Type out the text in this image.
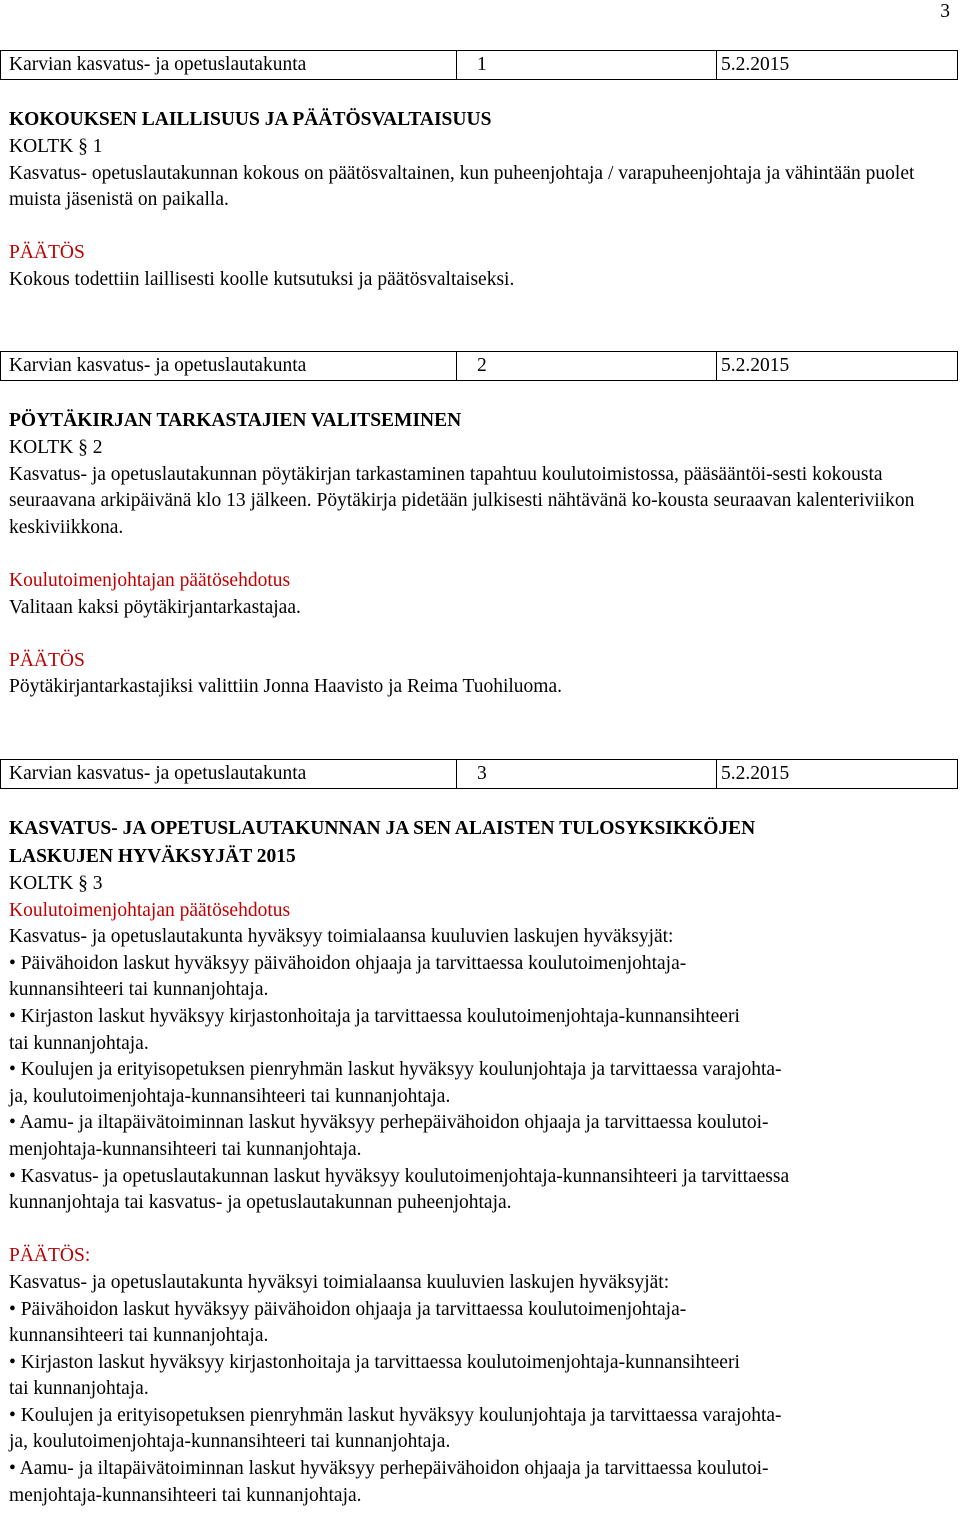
3
Karvian kasvatus- ja opetuslautakunta	1	5.2.2015

KOKOUKSEN LAILLISUUS JA PÄÄTÖSVALTAISUUS

KOLTK § 1

Kasvatus- opetuslautakunnan kokous on päätösvaltainen, kun puheenjohtaja / varapuheenjohtaja ja vähintään puolet muista jäsenistä on paikalla.

PÄÄTÖS

Kokous todettiin laillisesti koolle kutsutuksi ja päätösvaltaiseksi.

Karvian kasvatus- ja opetuslautakunta	2	5.2.2015

PÖYTÄKIRJAN TARKASTAJIEN VALITSEMINEN

KOLTK § 2

Kasvatus- ja opetuslautakunnan pöytäkirjan tarkastaminen tapahtuu koulutoimistossa, pääsääntöi-sesti kokousta seuraavana arkipäivänä klo 13 jälkeen. Pöytäkirja pidetään julkisesti nähtävänä ko-kousta seuraavan kalenteriviikon keskiviikkona.

Koulutoimenjohtajan päätösehdotus

Valitaan kaksi pöytäkirjantarkastajaa.

PÄÄTÖS

Pöytäkirjantarkastajiksi valittiin Jonna Haavisto ja Reima Tuohiluoma.

Karvian kasvatus- ja opetuslautakunta	3	5.2.2015

KASVATUS- JA OPETUSLAUTAKUNNAN JA SEN ALAISTEN TULOSYKSIKKÖJEN

LASKUJEN HYVÄKSYJÄT 2015

KOLTK § 3

Koulutoimenjohtajan päätösehdotus

Kasvatus- ja opetuslautakunta hyväksyy toimialaansa kuuluvien laskujen hyväksyjät:

• Päivähoidon laskut hyväksyy päivähoidon ohjaaja ja tarvittaessa koulutoimenjohtaja-

kunnansihteeri tai kunnanjohtaja.

• Kirjaston laskut hyväksyy kirjastonhoitaja ja tarvittaessa koulutoimenjohtaja-kunnansihteeri

tai kunnanjohtaja.

• Koulujen ja erityisopetuksen pienryhmän laskut hyväksyy koulunjohtaja ja tarvittaessa varajohta-

ja, koulutoimenjohtaja-kunnansihteeri tai kunnanjohtaja.

• Aamu- ja iltapäivätoiminnan laskut hyväksyy perhepäivähoidon ohjaaja ja tarvittaessa koulutoi-

menjohtaja-kunnansihteeri tai kunnanjohtaja.

• Kasvatus- ja opetuslautakunnan laskut hyväksyy koulutoimenjohtaja-kunnansihteeri ja tarvittaessa

kunnanjohtaja tai kasvatus- ja opetuslautakunnan puheenjohtaja.

PÄÄTÖS:

Kasvatus- ja opetuslautakunta hyväksyi toimialaansa kuuluvien laskujen hyväksyjät:

• Päivähoidon laskut hyväksyy päivähoidon ohjaaja ja tarvittaessa koulutoimenjohtaja-

kunnansihteeri tai kunnanjohtaja.

• Kirjaston laskut hyväksyy kirjastonhoitaja ja tarvittaessa koulutoimenjohtaja-kunnansihteeri

tai kunnanjohtaja.

• Koulujen ja erityisopetuksen pienryhmän laskut hyväksyy koulunjohtaja ja tarvittaessa varajohta-

ja, koulutoimenjohtaja-kunnansihteeri tai kunnanjohtaja.

• Aamu- ja iltapäivätoiminnan laskut hyväksyy perhepäivähoidon ohjaaja ja tarvittaessa koulutoi-

menjohtaja-kunnansihteeri tai kunnanjohtaja.
